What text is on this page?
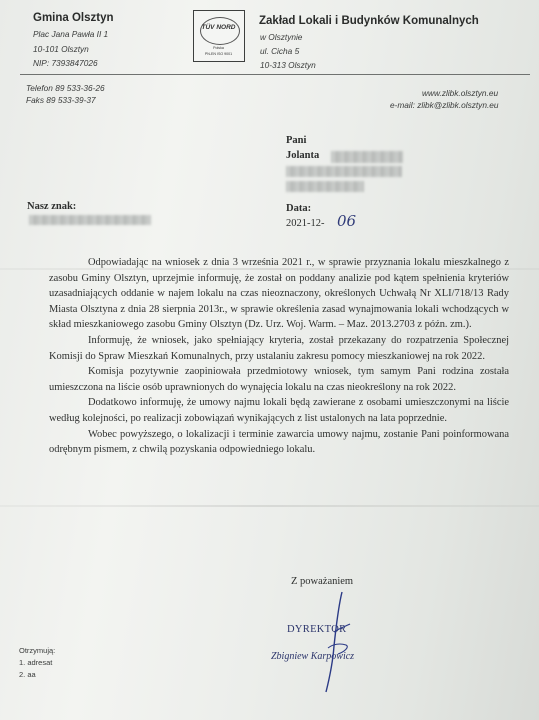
Gmina Olsztyn
Plac Jana Pawła II 1
10-101 Olsztyn
NIP: 7393847026
TÜV NORD
Polska
PN-EN ISO 9001
Zakład Lokali i Budynków Komunalnych
w Olsztynie
ul. Cicha 5
10-313 Olsztyn
Telefon 89 533-36-26
Faks 89 533-39-37
www.zlibk.olsztyn.eu
e-mail: zlibk@zlibk.olsztyn.eu
Pani
Jolanta
Nasz znak:	Data:
2021-12- 06

Odpowiadając na wniosek z dnia 3 września 2021 r., w sprawie przyznania lokalu mieszkalnego z zasobu Gminy Olsztyn, uprzejmie informuję, że został on poddany analizie pod kątem spełnienia kryteriów uzasadniających oddanie w najem lokalu na czas nieoznaczony, określonych Uchwałą Nr XLI/718/13 Rady Miasta Olsztyna z dnia 28 sierpnia 2013r., w sprawie określenia zasad wynajmowania lokali wchodzących w skład mieszkaniowego zasobu Gminy Olsztyn (Dz. Urz. Woj. Warm. – Maz. 2013.2703 z późn. zm.).

Informuję, że wniosek, jako spełniający kryteria, został przekazany do rozpatrzenia Społecznej Komisji do Spraw Mieszkań Komunalnych, przy ustalaniu zakresu pomocy mieszkaniowej na rok 2022.

Komisja pozytywnie zaopiniowała przedmiotowy wniosek, tym samym Pani rodzina została umieszczona na liście osób uprawnionych do wynajęcia lokalu na czas nieokreślony na rok 2022.

Dodatkowo informuję, że umowy najmu lokali będą zawierane z osobami umieszczonymi na liście według kolejności, po realizacji zobowiązań wynikających z list ustalonych na lata poprzednie.

Wobec powyższego, o lokalizacji i terminie zawarcia umowy najmu, zostanie Pani poinformowana odrębnym pismem, z chwilą pozyskania odpowiedniego lokalu.

Z poważaniem
DYREKTOR
Zbigniew Karpowicz
Otrzymują:
1. adresat
2. aa
